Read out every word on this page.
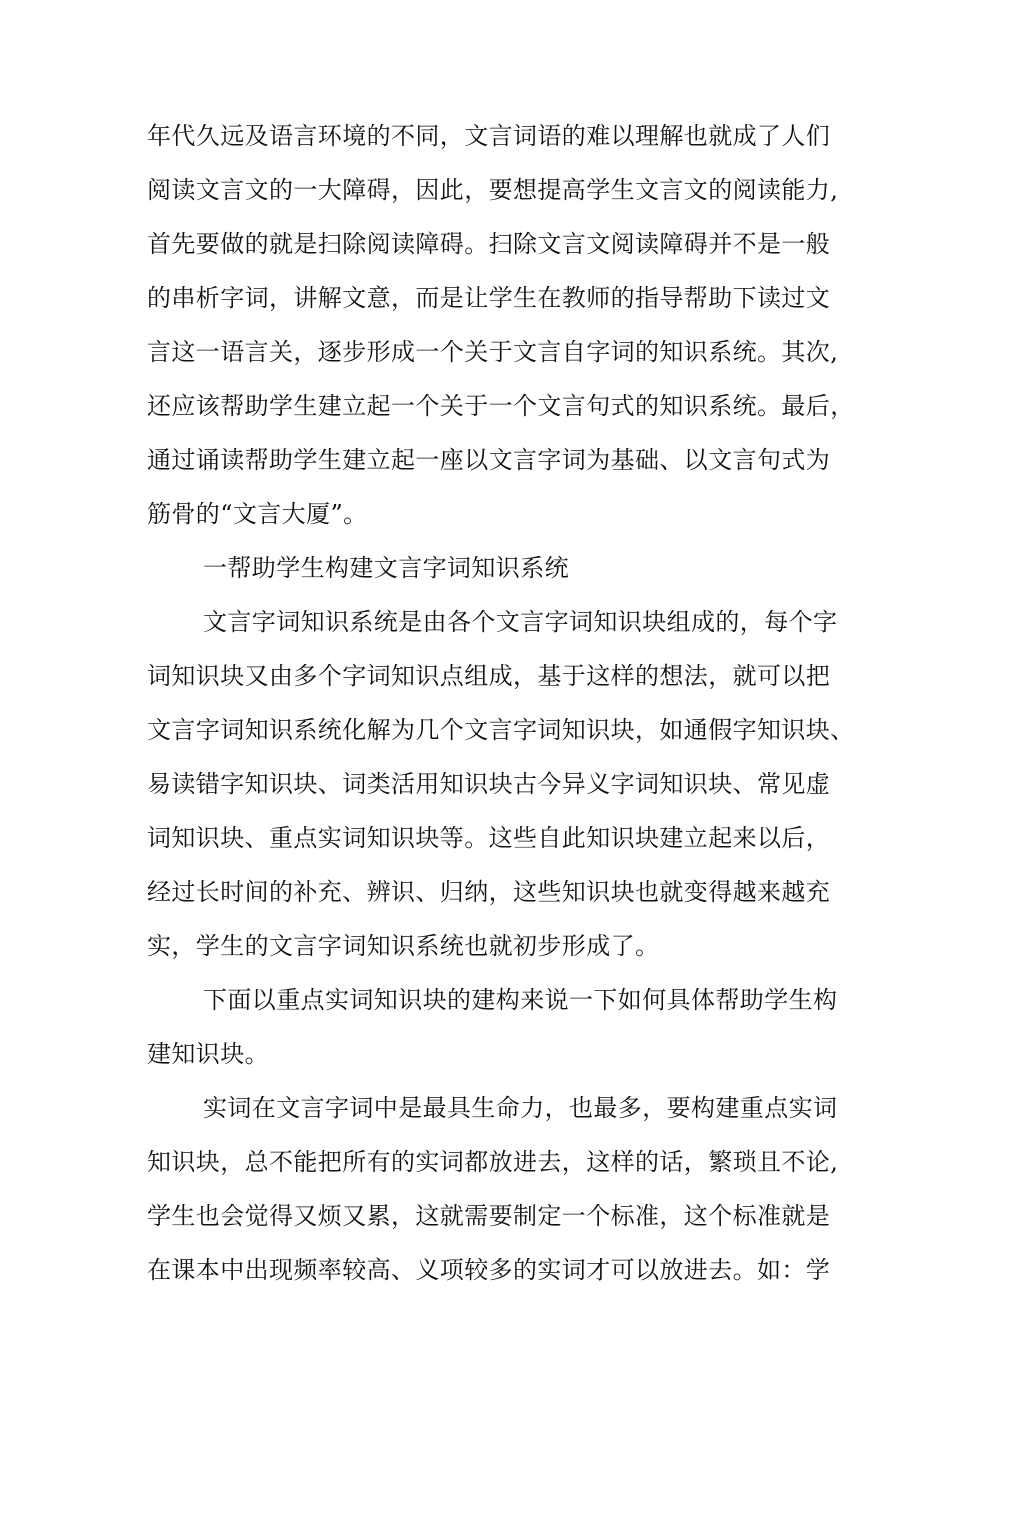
年代久远及语言环境的不同，文言词语的难以理解也就成了人们
阅读文言文的一大障碍，因此，要想提高学生文言文的阅读能力,
首先要做的就是扫除阅读障碍。扫除文言文阅读障碍并不是一般
的串析字词，讲解文意，而是让学生在教师的指导帮助下读过文
言这一语言关，逐步形成一个关于文言自字词的知识系统。其次,
还应该帮助学生建立起一个关于一个文言句式的知识系统。最后，
通过诵读帮助学生建立起一座以文言字词为基础、以文言句式为
筋骨的“文言大厦”。
一帮助学生构建文言字词知识系统
文言字词知识系统是由各个文言字词知识块组成的，每个字
词知识块又由多个字词知识点组成，基于这样的想法，就可以把
文言字词知识系统化解为几个文言字词知识块，如通假字知识块、
易读错字知识块、词类活用知识块古今异义字词知识块、常见虚
词知识块、重点实词知识块等。这些自此知识块建立起来以后，
经过长时间的补充、辨识、归纳，这些知识块也就变得越来越充
实，学生的文言字词知识系统也就初步形成了。
下面以重点实词知识块的建构来说一下如何具体帮助学生构
建知识块。
实词在文言字词中是最具生命力，也最多，要构建重点实词
知识块，总不能把所有的实词都放进去，这样的话，繁琐且不论,
学生也会觉得又烦又累，这就需要制定一个标准，这个标准就是
在课本中出现频率较高、义项较多的实词才可以放进去。如：学
